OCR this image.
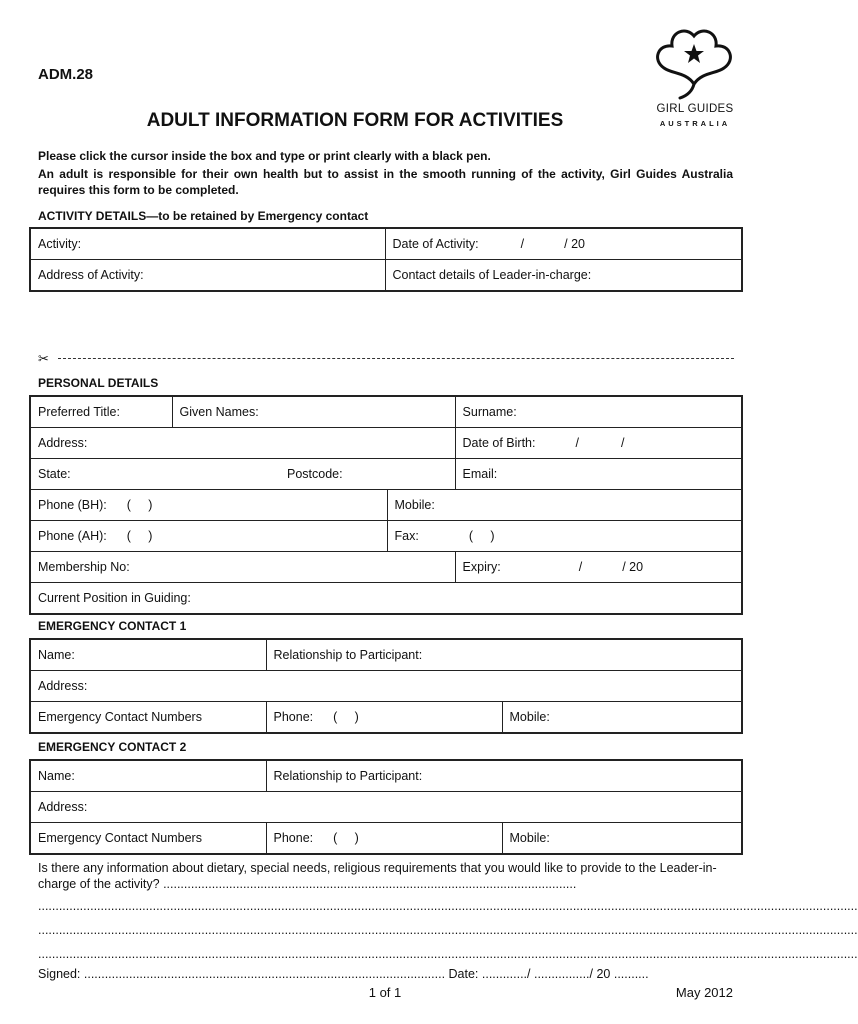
ADM.28
ADULT INFORMATION FORM FOR ACTIVITIES
GIRL GUIDES
AUSTRALIA
Please click the cursor inside the box and type or print clearly with a black pen.
An adult is responsible for their own health but to assist in the smooth running of the activity, Girl Guides Australia requires this form to be completed.
ACTIVITY DETAILS—to be retained by Emergency contact
Activity:	Date of Activity: / / 20
Address of Activity:	Contact details of Leader-in-charge:
✂
PERSONAL DETAILS
Preferred Title:	Given Names:			Surname:
Address:				Date of Birth: / /
State:		Postcode:		Email:
Phone (BH): (     )			Mobile:	
Phone (AH): (     )			Fax: (     )	
Membership No:				Expiry: / / 20
Current Position in Guiding:				
EMERGENCY CONTACT 1
Name:	Relationship to Participant:	
Address:		
Emergency Contact Numbers	Phone: (     )	Mobile:
EMERGENCY CONTACT 2
Name:	Relationship to Participant:	
Address:		
Emergency Contact Numbers	Phone: (     )	Mobile:
Is there any information about dietary, special needs, religious requirements that you would like to provide to the Leader-in-charge of the activity? .......................................................................................................................
............................................................................................................................................................................................................................................
............................................................................................................................................................................................................................................
............................................................................................................................................................................................................................................
Signed: ........................................................................................................ Date: ............./ ................/ 20 ..........
1 of 1	May 2012
